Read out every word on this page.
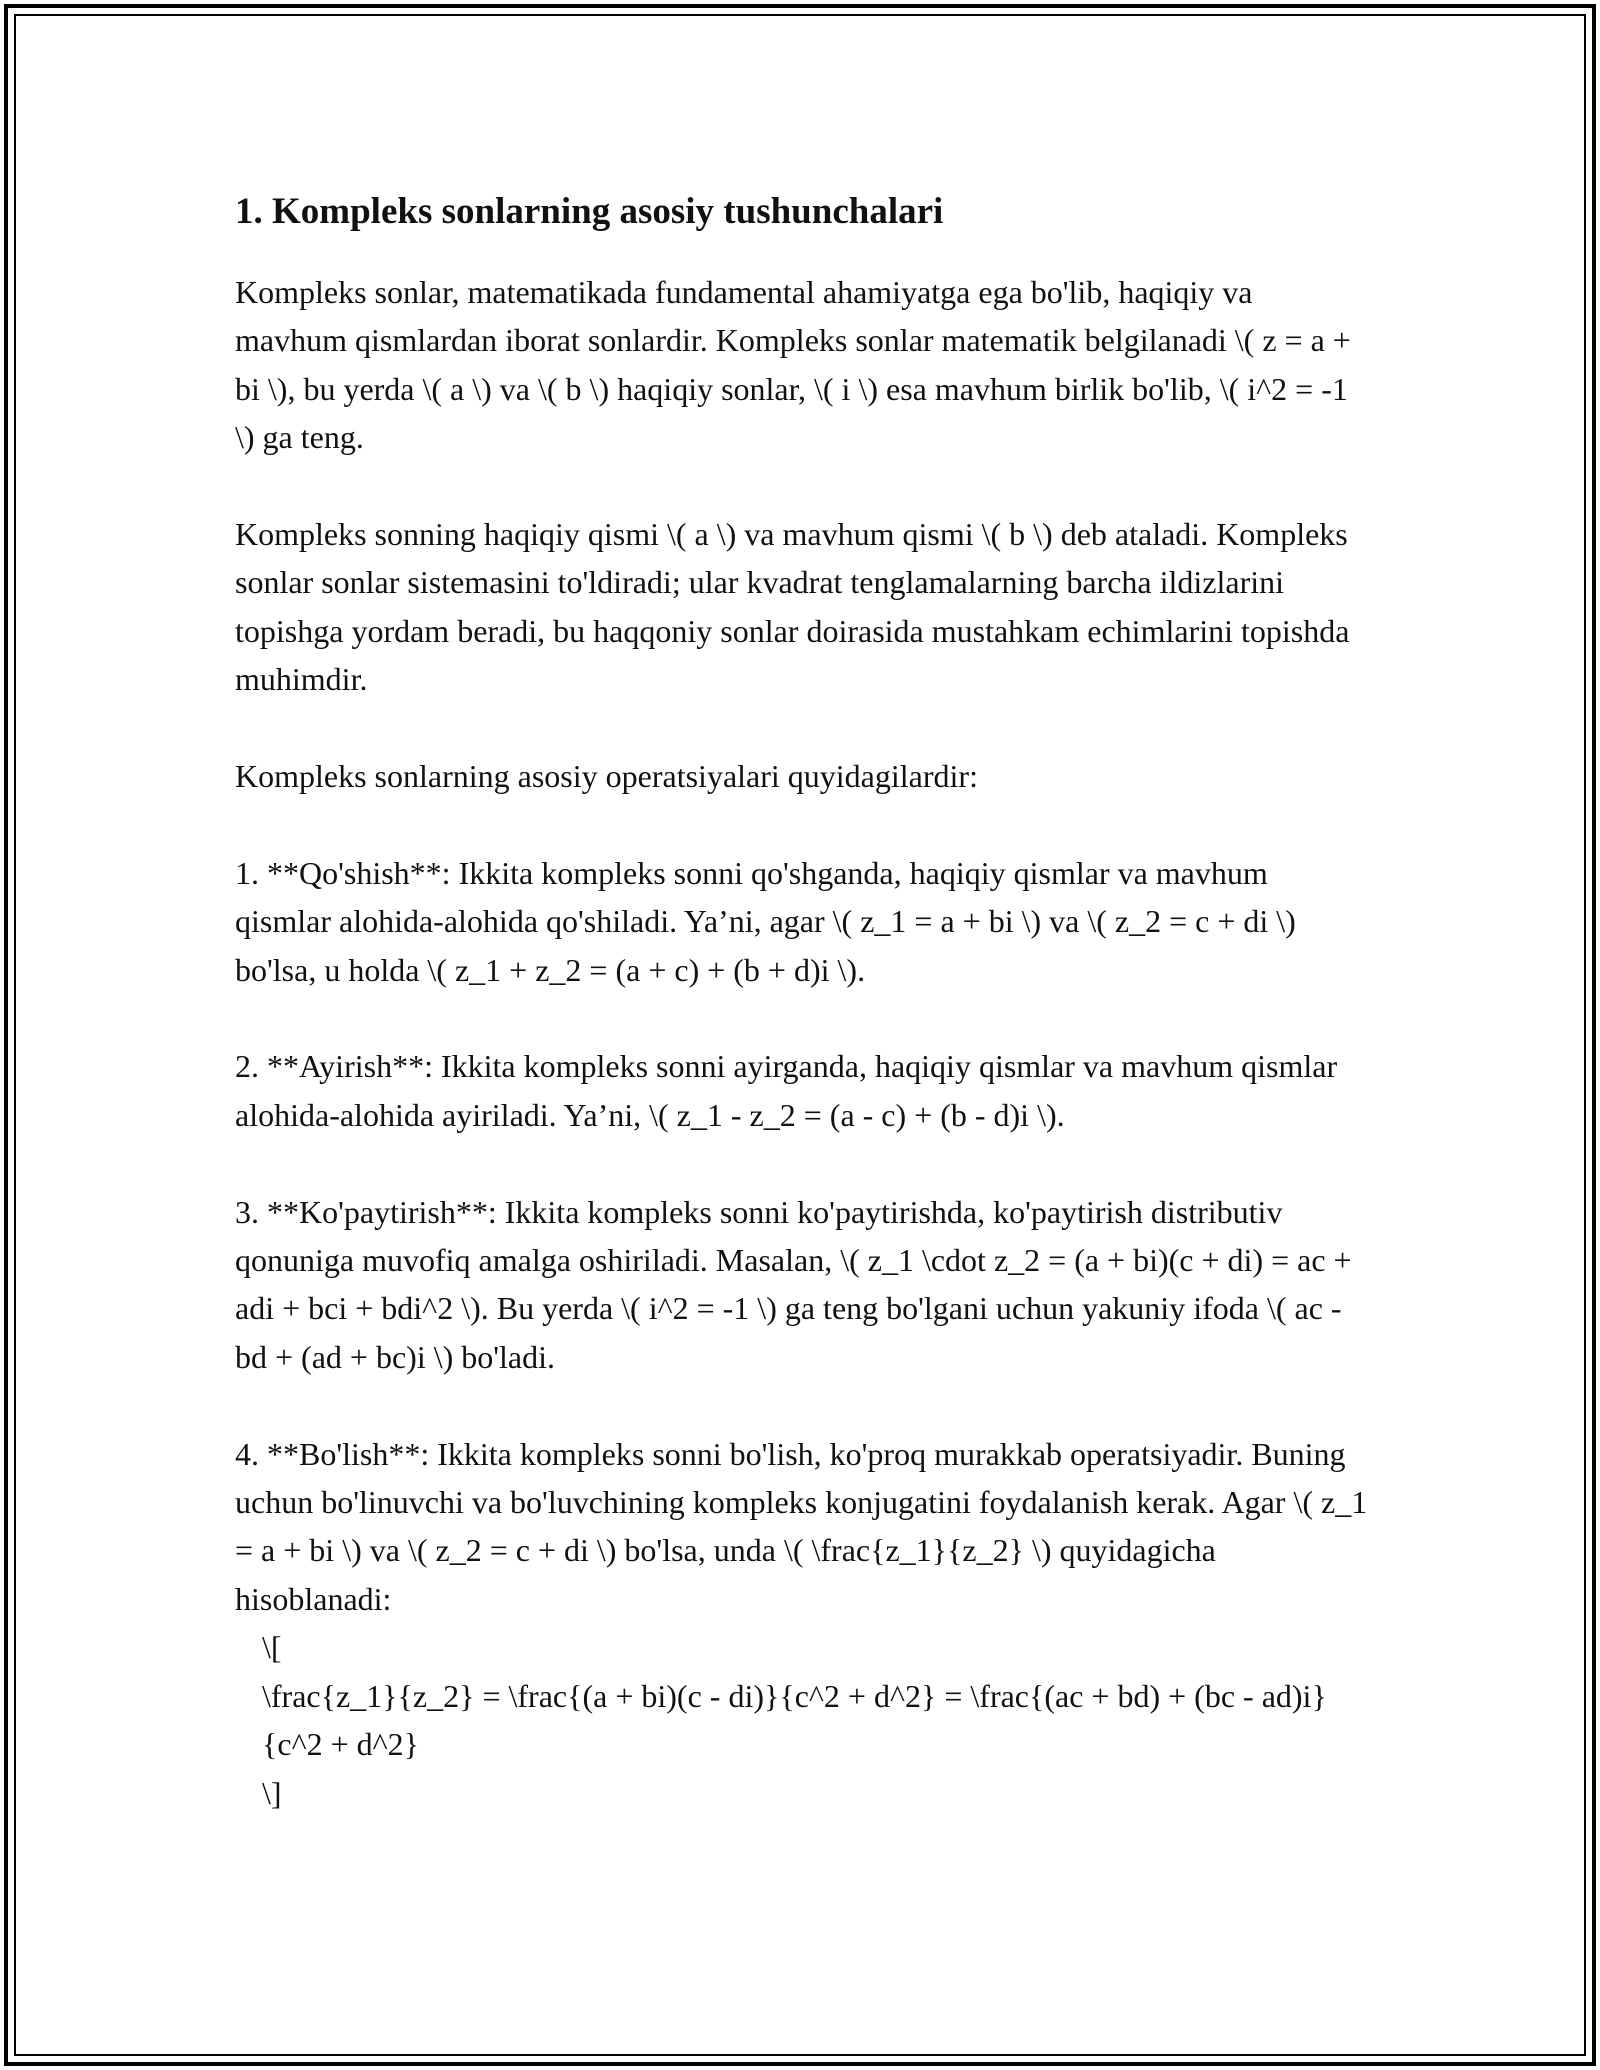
1. Kompleks sonlarning asosiy tushunchalari

Kompleks sonlar, matematikada fundamental ahamiyatga ega bo'lib, haqiqiy va mavhum qismlardan iborat sonlardir. Kompleks sonlar matematik belgilanadi \( z = a + bi \), bu yerda \( a \) va \( b \) haqiqiy sonlar, \( i \) esa mavhum birlik bo'lib, \( i^2 = -1 \) ga teng.

Kompleks sonning haqiqiy qismi \( a \) va mavhum qismi \( b \) deb ataladi. Kompleks sonlar sonlar sistemasini to'ldiradi; ular kvadrat tenglamalarning barcha ildizlarini topishga yordam beradi, bu haqqoniy sonlar doirasida mustahkam echimlarini topishda muhimdir.

Kompleks sonlarning asosiy operatsiyalari quyidagilardir:

1. **Qo'shish**: Ikkita kompleks sonni qo'shganda, haqiqiy qismlar va mavhum qismlar alohida-alohida qo'shiladi. Ya’ni, agar \( z_1 = a + bi \) va \( z_2 = c + di \) bo'lsa, u holda \( z_1 + z_2 = (a + c) + (b + d)i \).

2. **Ayirish**: Ikkita kompleks sonni ayirganda, haqiqiy qismlar va mavhum qismlar alohida-alohida ayiriladi. Ya’ni, \( z_1 - z_2 = (a - c) + (b - d)i \).

3. **Ko'paytirish**: Ikkita kompleks sonni ko'paytirishda, ko'paytirish distributiv qonuniga muvofiq amalga oshiriladi. Masalan, \( z_1 \cdot z_2 = (a + bi)(c + di) = ac + adi + bci + bdi^2 \). Bu yerda \( i^2 = -1 \) ga teng bo'lgani uchun yakuniy ifoda \( ac - bd + (ad + bc)i \) bo'ladi.

4. **Bo'lish**: Ikkita kompleks sonni bo'lish, ko'proq murakkab operatsiyadir. Buning uchun bo'linuvchi va bo'luvchining kompleks konjugatini foydalanish kerak. Agar \( z_1 = a + bi \) va \( z_2 = c + di \) bo'lsa, unda \( \frac{z_1}{z_2} \) quyidagicha hisoblanadi:

\[

\frac{z_1}{z_2} = \frac{(a + bi)(c - di)}{c^2 + d^2} = \frac{(ac + bd) + (bc - ad)i}{c^2 + d^2}

\]
